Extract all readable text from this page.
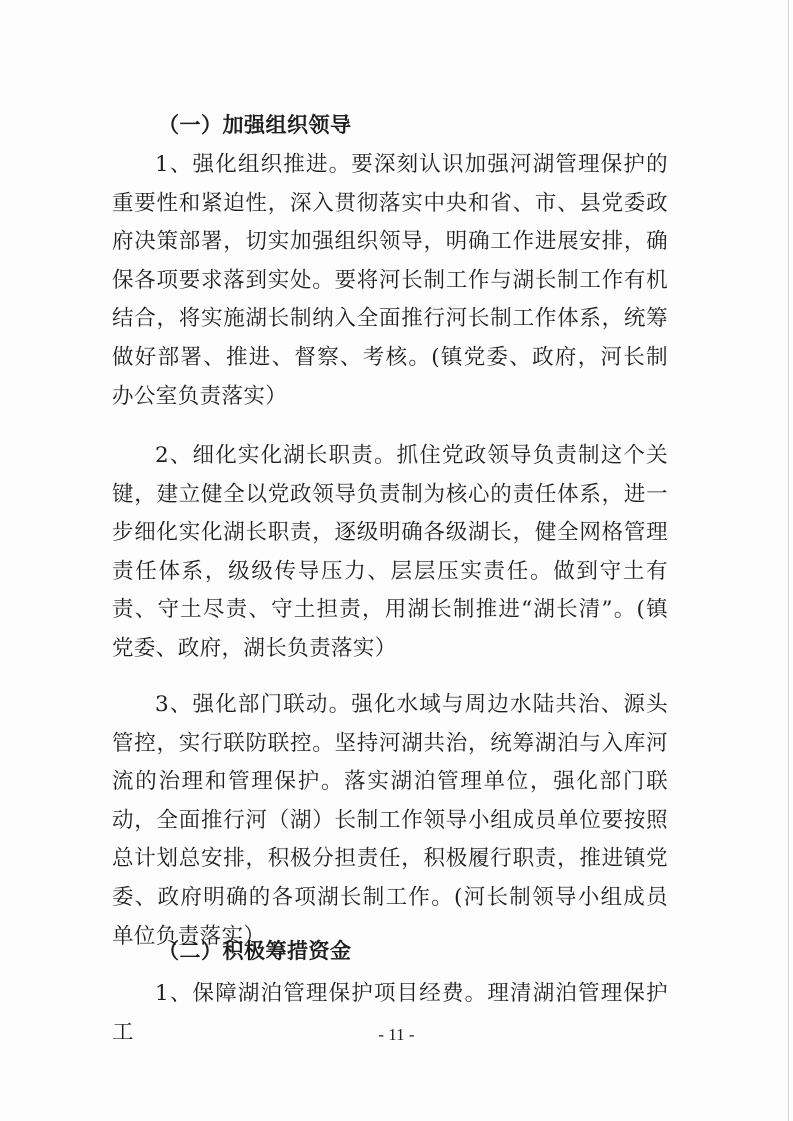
（一）加强组织领导

1、强化组织推进。要深刻认识加强河湖管理保护的重要性和紧迫性，深入贯彻落实中央和省、市、县党委政府决策部署，切实加强组织领导，明确工作进展安排，确保各项要求落到实处。要将河长制工作与湖长制工作有机结合，将实施湖长制纳入全面推行河长制工作体系，统筹做好部署、推进、督察、考核。(镇党委、政府，河长制办公室负责落实）

2、细化实化湖长职责。抓住党政领导负责制这个关键，建立健全以党政领导负责制为核心的责任体系，进一步细化实化湖长职责，逐级明确各级湖长，健全网格管理责任体系，级级传导压力、层层压实责任。做到守土有责、守土尽责、守土担责，用湖长制推进“湖长清”。(镇党委、政府，湖长负责落实）

3、强化部门联动。强化水域与周边水陆共治、源头管控，实行联防联控。坚持河湖共治，统筹湖泊与入库河流的治理和管理保护。落实湖泊管理单位，强化部门联动，全面推行河（湖）长制工作领导小组成员单位要按照总计划总安排，积极分担责任，积极履行职责，推进镇党委、政府明确的各项湖长制工作。(河长制领导小组成员单位负责落实）

（二）积极筹措资金

1、保障湖泊管理保护项目经费。理清湖泊管理保护工	- 11 -
